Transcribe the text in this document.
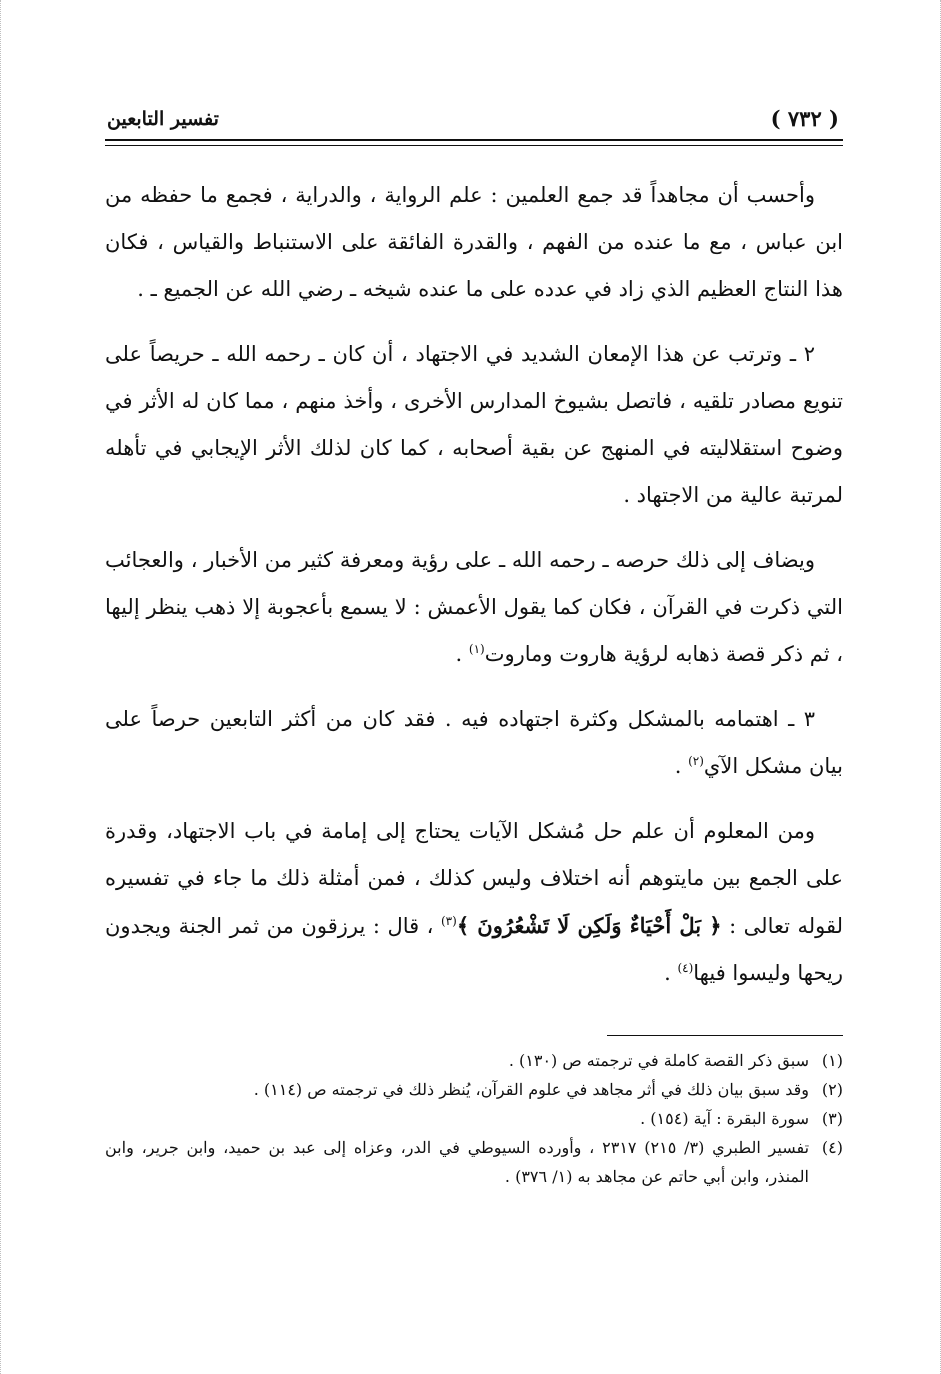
( ٧٣٢ )
تفسير التابعين

وأحسب أن مجاهداً قد جمع العلمين : علم الرواية ، والدراية ، فجمع ما حفظه من ابن عباس ، مع ما عنده من الفهم ، والقدرة الفائقة على الاستنباط والقياس ، فكان هذا النتاج العظيم الذي زاد في عدده على ما عنده شيخه ـ رضي الله عن الجميع ـ .

٢ ـ وترتب عن هذا الإمعان الشديد في الاجتهاد ، أن كان ـ رحمه الله ـ حريصاً على تنويع مصادر تلقيه ، فاتصل بشيوخ المدارس الأخرى ، وأخذ منهم ، مما كان له الأثر في وضوح استقلاليته في المنهج عن بقية أصحابه ، كما كان لذلك الأثر الإيجابي في تأهله لمرتبة عالية من الاجتهاد .

ويضاف إلى ذلك حرصه ـ رحمه الله ـ على رؤية ومعرفة كثير من الأخبار ، والعجائب التي ذكرت في القرآن ، فكان كما يقول الأعمش : لا يسمع بأعجوبة إلا ذهب ينظر إليها ، ثم ذكر قصة ذهابه لرؤية هاروت وماروت$^{(١)}$ .

٣ ـ اهتمامه بالمشكل وكثرة اجتهاده فيه . فقد كان من أكثر التابعين حرصاً على بيان مشكل الآي$^{(٢)}$ .

ومن المعلوم أن علم حل مُشكل الآيات يحتاج إلى إمامة في باب الاجتهاد، وقدرة على الجمع بين مايتوهم أنه اختلاف وليس كذلك ، فمن أمثلة ذلك ما جاء في تفسيره لقوله تعالى : ﴿ بَلْ أَحْيَاءٌ وَلَكِن لَا تَشْعُرُونَ ﴾$^{(٣)}$ ، قال : يرزقون من ثمر الجنة ويجدون ريحها وليسوا فيها$^{(٤)}$ .

(١)
سبق ذكر القصة كاملة في ترجمته ص (١٣٠) .
(٢)
وقد سبق بيان ذلك في أثر مجاهد في علوم القرآن، يُنظر ذلك في ترجمته ص (١١٤) .
(٣)
سورة البقرة : آية (١٥٤) .
(٤)
تفسير الطبري (٣/ ٢١٥) ٢٣١٧ ، وأورده السيوطي في الدر، وعزاه إلى عبد بن حميد، وابن جرير، وابن المنذر، وابن أبي حاتم عن مجاهد به (١/ ٣٧٦) .
